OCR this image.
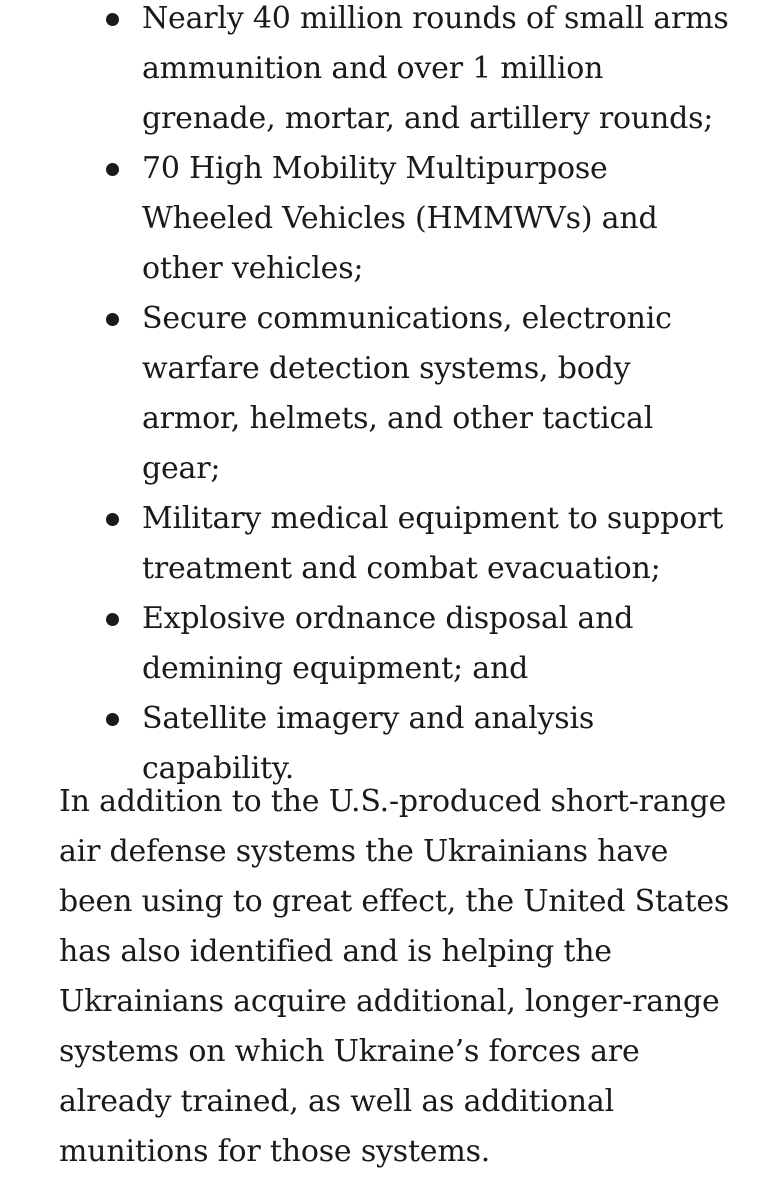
Nearly 40 million rounds of small arms ammunition and over 1 million grenade, mortar, and artillery rounds;
70 High Mobility Multipurpose Wheeled Vehicles (HMMWVs) and other vehicles;
Secure communications, electronic warfare detection systems, body armor, helmets, and other tactical gear;
Military medical equipment to support treatment and combat evacuation;
Explosive ordnance disposal and demining equipment; and
Satellite imagery and analysis capability.

In addition to the U.S.-produced short-range air defense systems the Ukrainians have been using to great effect, the United States has also identified and is helping the Ukrainians acquire additional, longer-range systems on which Ukraine’s forces are already trained, as well as additional munitions for those systems.
